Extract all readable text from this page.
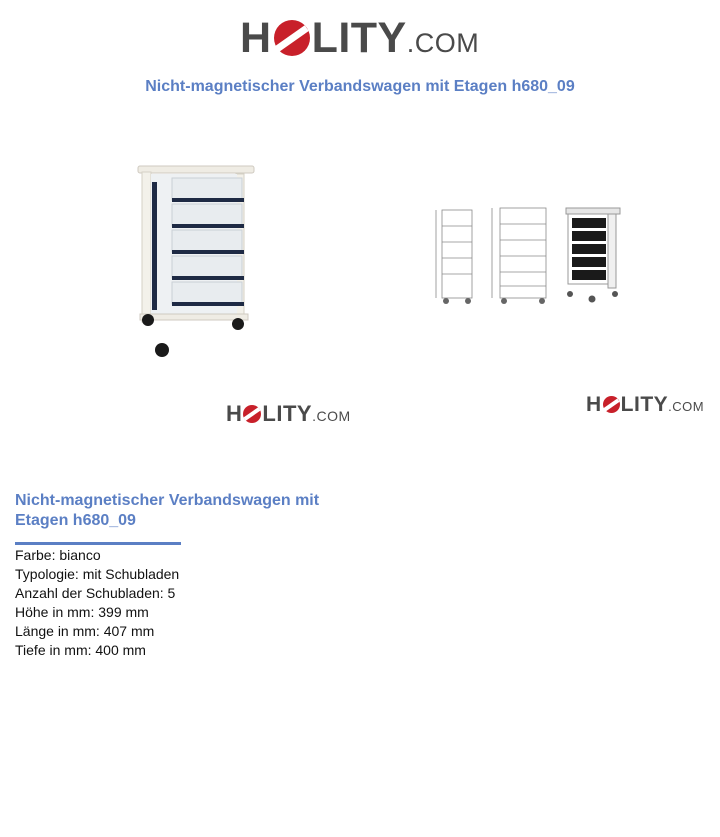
H LITY .COM
Nicht-magnetischer Verbandswagen mit Etagen h680_09
H LITY .COM	H LITY .COM
Nicht-magnetischer Verbandswagen mit Etagen h680_09
Farbe: bianco
Typologie: mit Schubladen
Anzahl der Schubladen: 5
Höhe in mm: 399 mm
Länge in mm: 407 mm
Tiefe in mm: 400 mm
